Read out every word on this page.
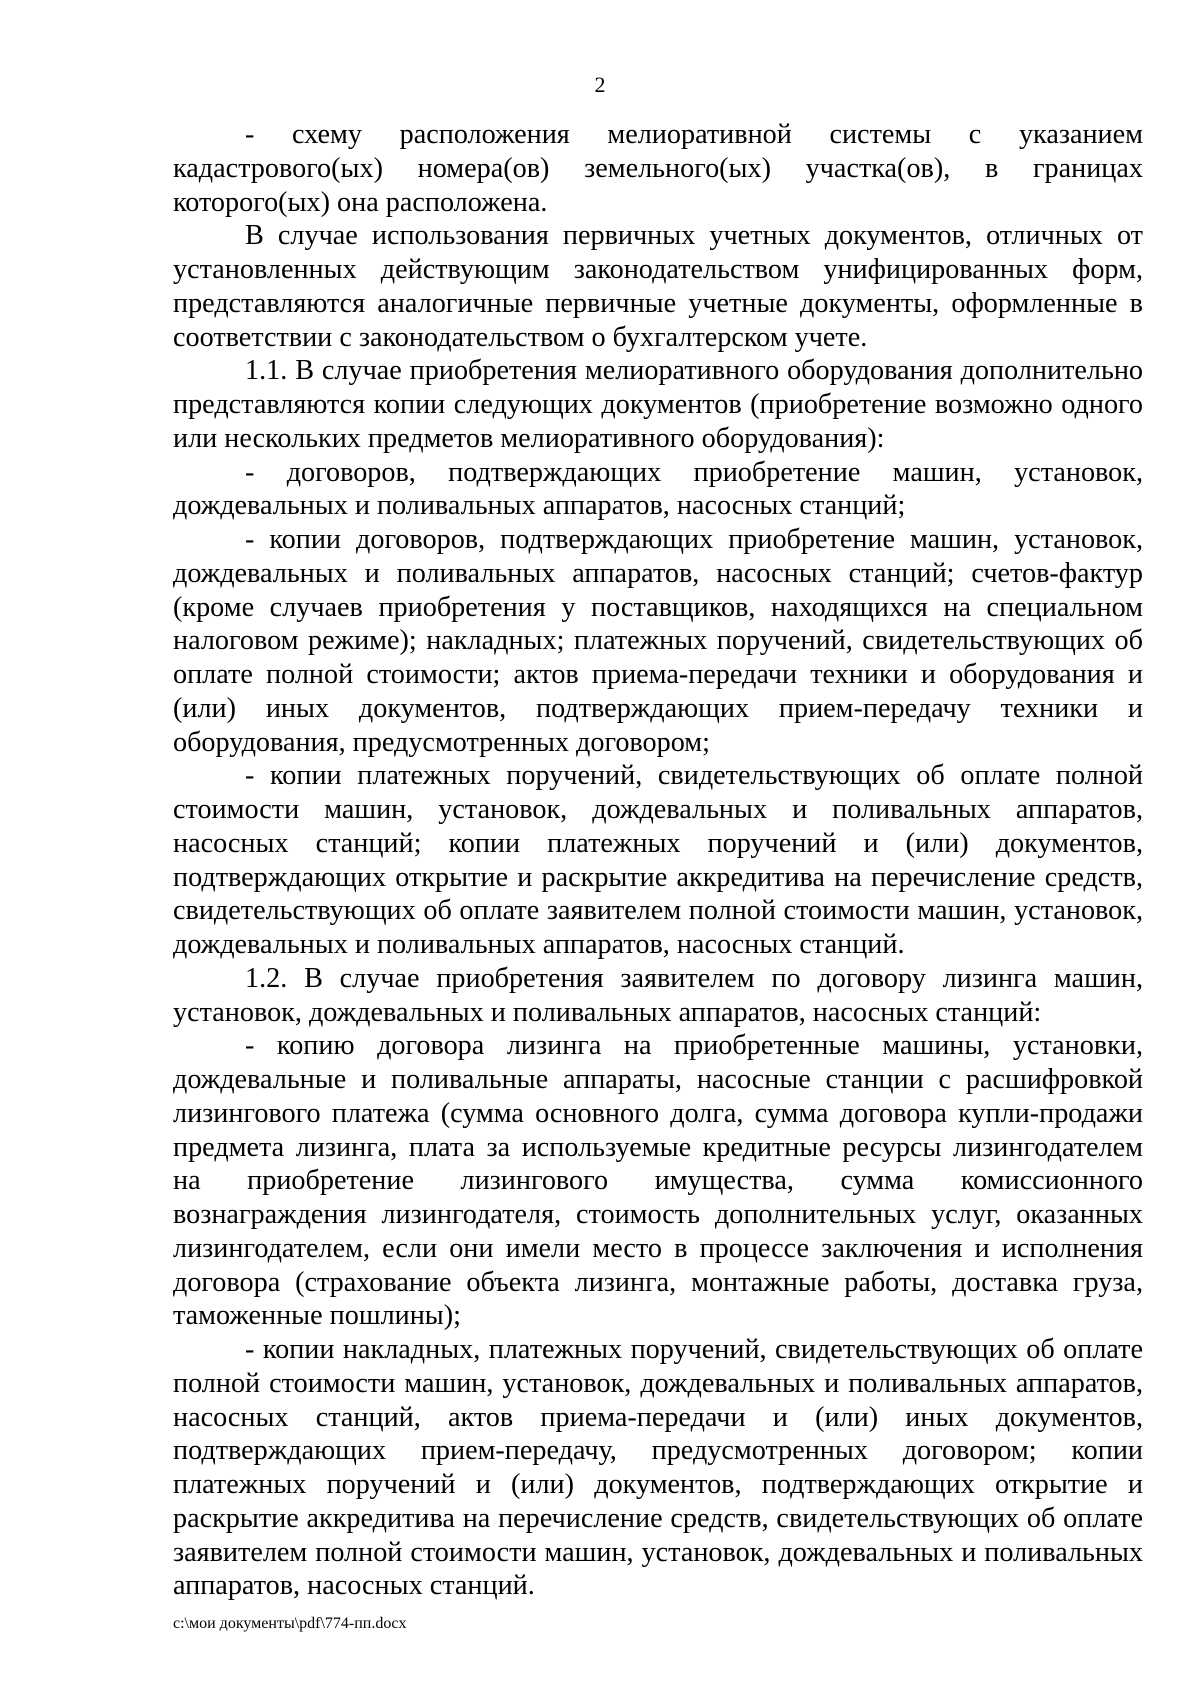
2

- схему расположения мелиоративной системы с указанием кадастрового(ых) номера(ов) земельного(ых) участка(ов), в границах которого(ых) она расположена.

В случае использования первичных учетных документов, отличных от установленных действующим законодательством унифицированных форм, представляются аналогичные первичные учетные документы, оформленные в соответствии с законодательством о бухгалтерском учете.

1.1. В случае приобретения мелиоративного оборудования дополнительно представляются копии следующих документов (приобретение возможно одного или нескольких предметов мелиоративного оборудования):

- договоров, подтверждающих приобретение машин, установок, дождевальных и поливальных аппаратов, насосных станций;

- копии договоров, подтверждающих приобретение машин, установок, дождевальных и поливальных аппаратов, насосных станций; счетов-фактур (кроме случаев приобретения у поставщиков, находящихся на специальном налоговом режиме); накладных; платежных поручений, свидетельствующих об оплате полной стоимости; актов приема-передачи техники и оборудования и (или) иных документов, подтверждающих прием-передачу техники и оборудования, предусмотренных договором;

- копии платежных поручений, свидетельствующих об оплате полной стоимости машин, установок, дождевальных и поливальных аппаратов, насосных станций; копии платежных поручений и (или) документов, подтверждающих открытие и раскрытие аккредитива на перечисление средств, свидетельствующих об оплате заявителем полной стоимости машин, установок, дождевальных и поливальных аппаратов, насосных станций.

1.2. В случае приобретения заявителем по договору лизинга машин, установок, дождевальных и поливальных аппаратов, насосных станций:

- копию договора лизинга на приобретенные машины, установки, дождевальные и поливальные аппараты, насосные станции с расшифровкой лизингового платежа (сумма основного долга, сумма договора купли-продажи предмета лизинга, плата за используемые кредитные ресурсы лизингодателем на приобретение лизингового имущества, сумма комиссионного вознаграждения лизингодателя, стоимость дополнительных услуг, оказанных лизингодателем, если они имели место в процессе заключения и исполнения договора (страхование объекта лизинга, монтажные работы, доставка груза, таможенные пошлины);

- копии накладных, платежных поручений, свидетельствующих об оплате полной стоимости машин, установок, дождевальных и поливальных аппаратов, насосных станций, актов приема-передачи и (или) иных документов, подтверждающих прием-передачу, предусмотренных договором; копии платежных поручений и (или) документов, подтверждающих открытие и раскрытие аккредитива на перечисление средств, свидетельствующих об оплате заявителем полной стоимости машин, установок, дождевальных и поливальных аппаратов, насосных станций.

c:\мои документы\pdf\774-пп.docx
